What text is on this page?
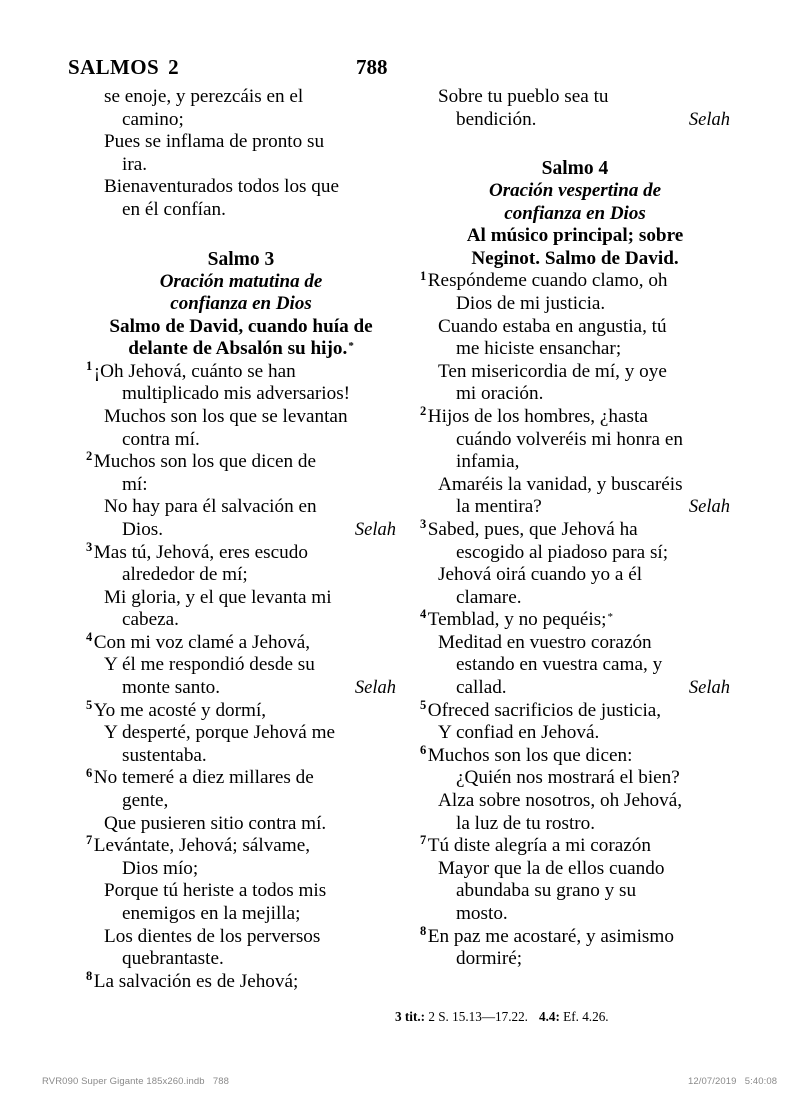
SALMOS 2	788
se enoje, y perezcáis en el
camino;
Pues se inflama de pronto su
ira.
Bienaventurados todos los que
en él confían.
Salmo 3
Oración matutina de
confianza en Dios
Salmo de David, cuando huía de
delante de Absalón su hijo.*
$^1$¡Oh Jehová, cuánto se han
multiplicado mis adversarios!
Muchos son los que se levantan
contra mí.
$^2$Muchos son los que dicen de
mí:
No hay para él salvación en
Selah
Dios.
$^3$Mas tú, Jehová, eres escudo
alrededor de mí;
Mi gloria, y el que levanta mi
cabeza.
$^4$Con mi voz clamé a Jehová,
Y él me respondió desde su
Selah
monte santo.
$^5$Yo me acosté y dormí,
Y desperté, porque Jehová me
sustentaba.
$^6$No temeré a diez millares de
gente,
Que pusieren sitio contra mí.
$^7$Levántate, Jehová; sálvame,
Dios mío;
Porque tú heriste a todos mis
enemigos en la mejilla;
Los dientes de los perversos
quebrantaste.
$^8$La salvación es de Jehová;
Sobre tu pueblo sea tu
Selah
bendición.
Salmo 4
Oración vespertina de
confianza en Dios
Al músico principal; sobre
Neginot. Salmo de David.
$^1$Respóndeme cuando clamo, oh
Dios de mi justicia.
Cuando estaba en angustia, tú
me hiciste ensanchar;
Ten misericordia de mí, y oye
mi oración.
$^2$Hijos de los hombres, ¿hasta
cuándo volveréis mi honra en
infamia,
Amaréis la vanidad, y buscaréis
Selah
la mentira?
$^3$Sabed, pues, que Jehová ha
escogido al piadoso para sí;
Jehová oirá cuando yo a él
clamare.
$^4$Temblad, y no pequéis;*
Meditad en vuestro corazón
estando en vuestra cama, y
Selah
callad.
$^5$Ofreced sacrificios de justicia,
Y confiad en Jehová.
$^6$Muchos son los que dicen:
¿Quién nos mostrará el bien?
Alza sobre nosotros, oh Jehová,
la luz de tu rostro.
$^7$Tú diste alegría a mi corazón
Mayor que la de ellos cuando
abundaba su grano y su
mosto.
$^8$En paz me acostaré, y asimismo
dormiré;
3 tit.: 2 S. 15.13—17.22. 4.4: Ef. 4.26.
RVR090 Super Gigante 185x260.indb   788	12/07/2019   5:40:08
